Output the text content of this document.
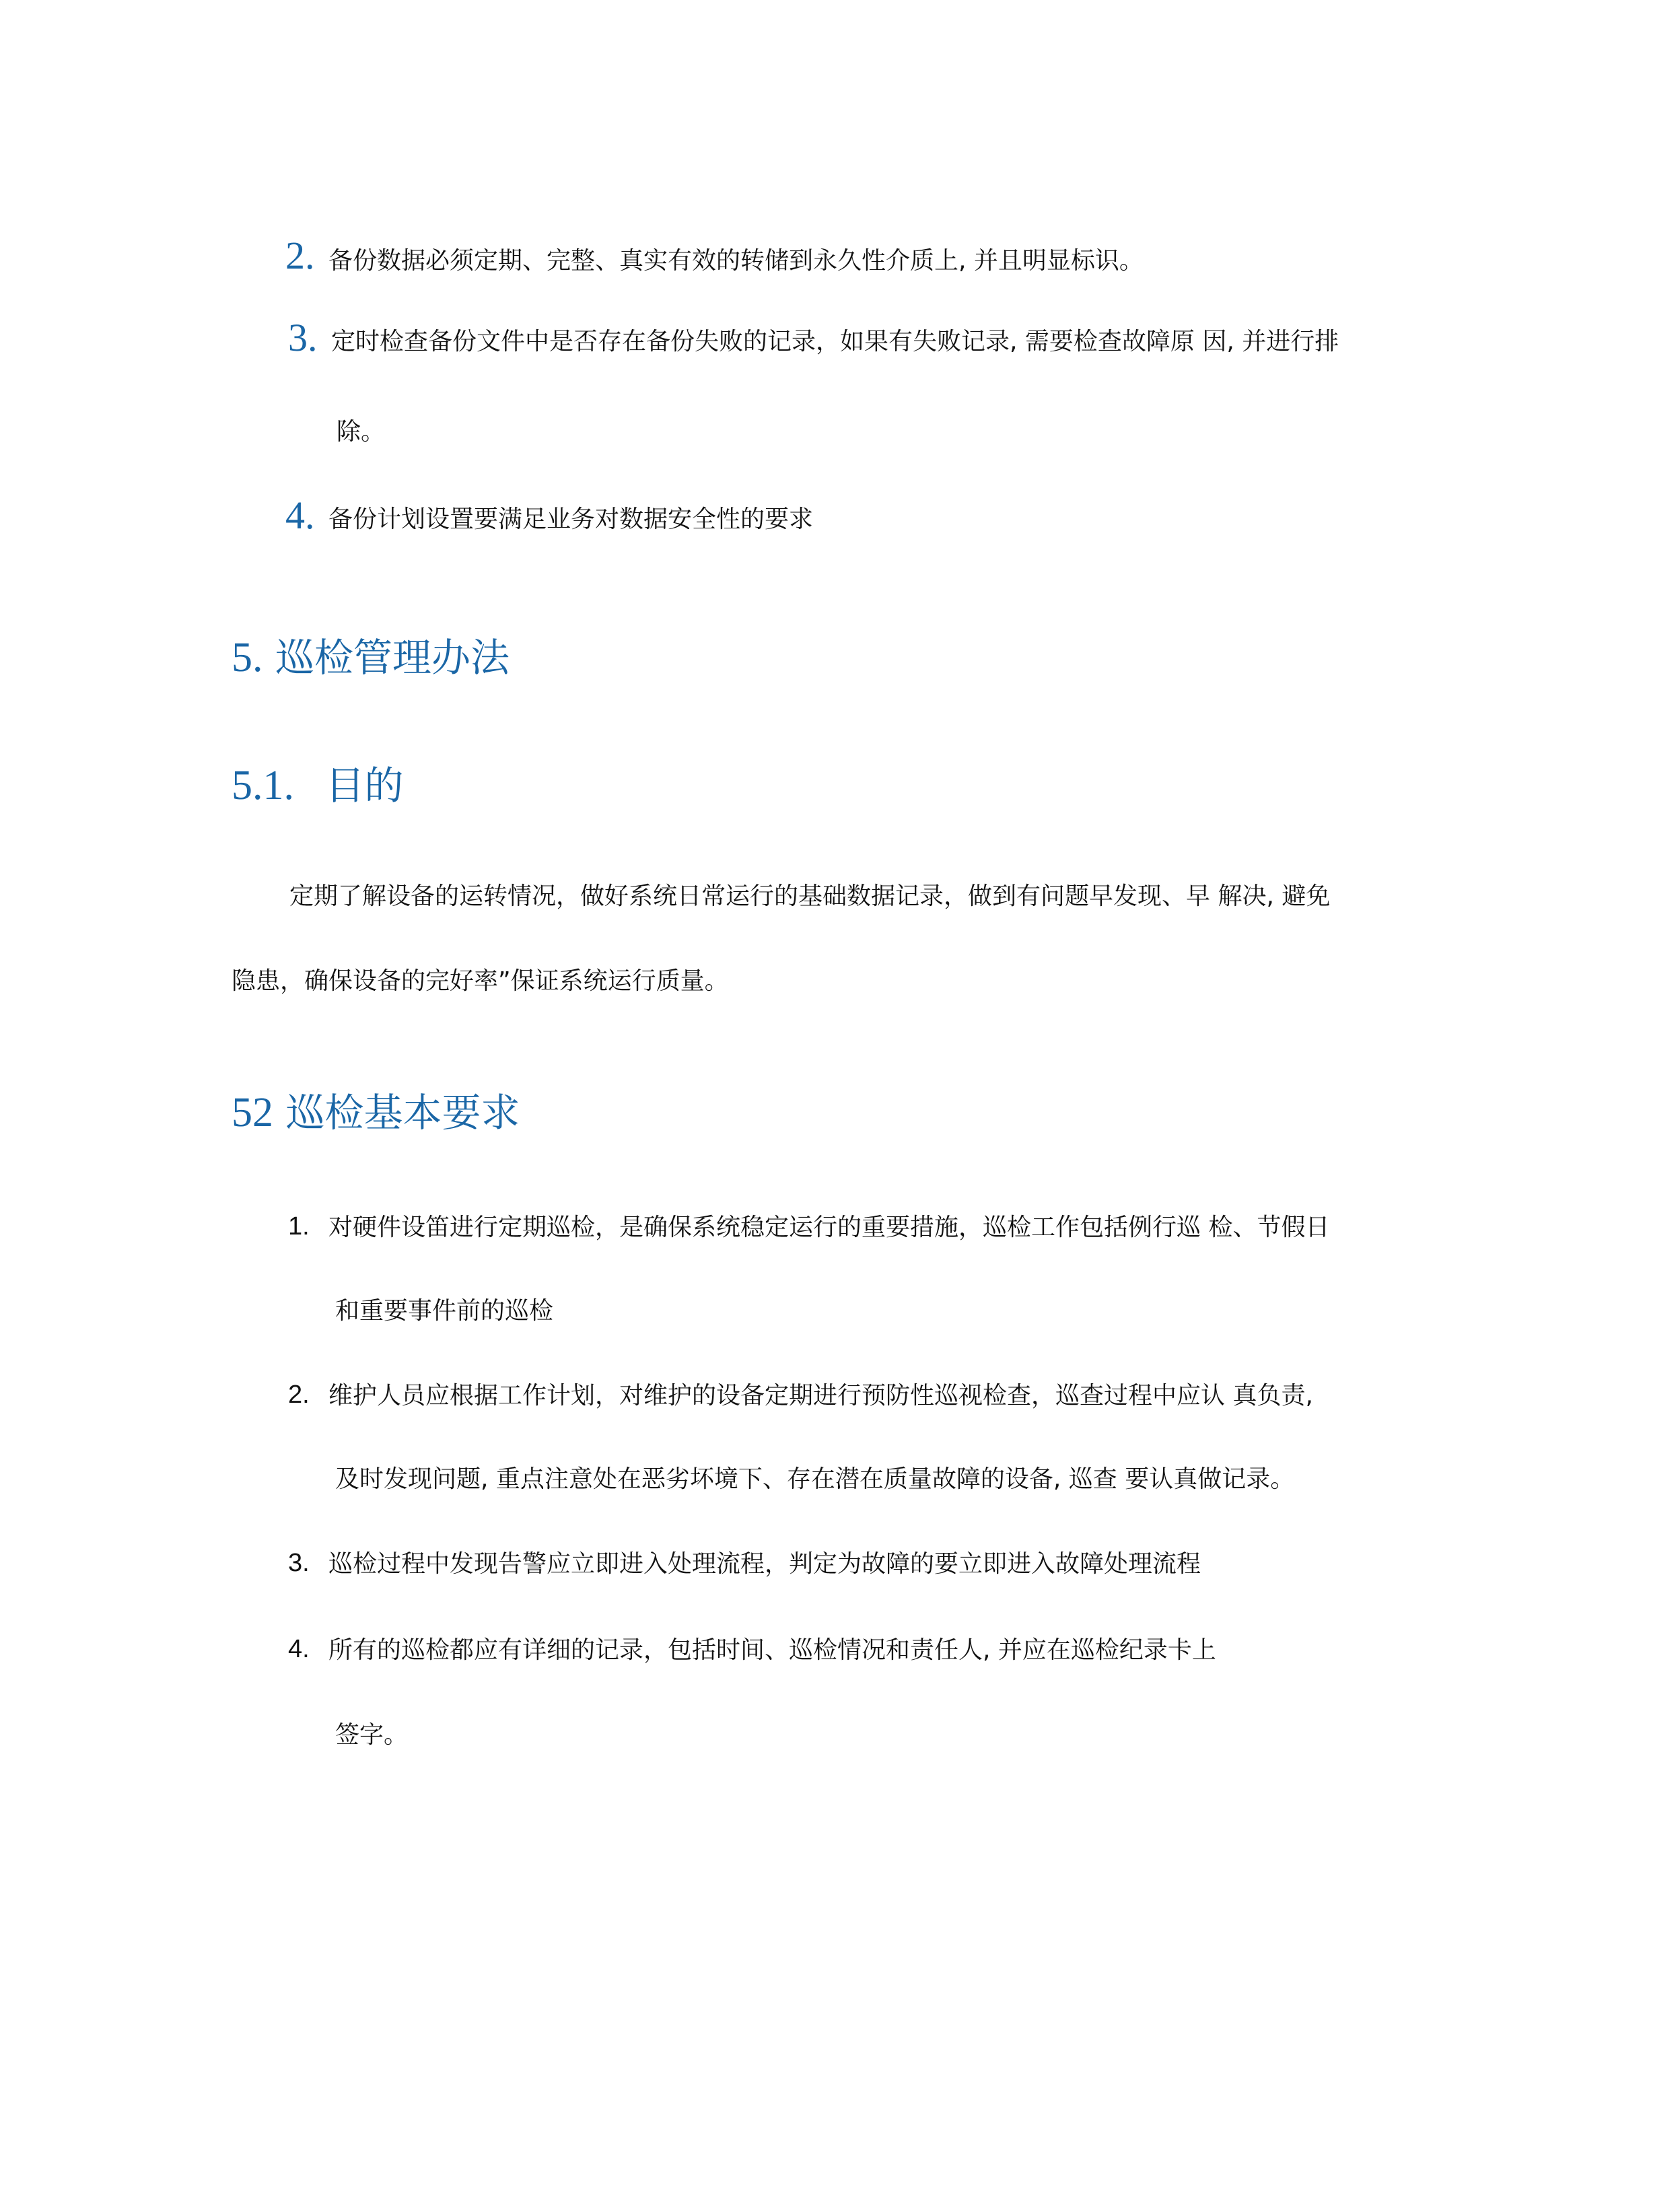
2. 备份数据必须定期、完整、真实有效的转储到永久性介质上, 并且明显标识。
3. 定时检查备份文件中是否存在备份失败的记录，如果有失败记录, 需要检查故障原 因, 并进行排
除。
4. 备份计划设置要满足业务对数据安全性的要求
5. 巡检管理办法
5.1. 目的
定期了解设备的运转情况，做好系统日常运行的基础数据记录，做到有问题早发现、早 解决, 避免
隐患，确保设备的完好率”保证系统运行质量。
52 巡检基本要求
1. 对硬件设笛进行定期巡检，是确保系统稳定运行的重要措施，巡检工作包括例行巡 检、节假日
和重要事件前的巡检
2. 维护人员应根据工作计划，对维护的设备定期进行预防性巡视检查，巡查过程中应认 真负责,
及时发现问题, 重点注意处在恶劣坏境下、存在潜在质量故障的设备, 巡查 要认真做记录。
3. 巡检过程中发现告警应立即进入处理流程，判定为故障的要立即进入故障处理流程
4. 所有的巡检都应有详细的记录，包括时间、巡检情况和责任人, 并应在巡检纪录卡上
签字。
